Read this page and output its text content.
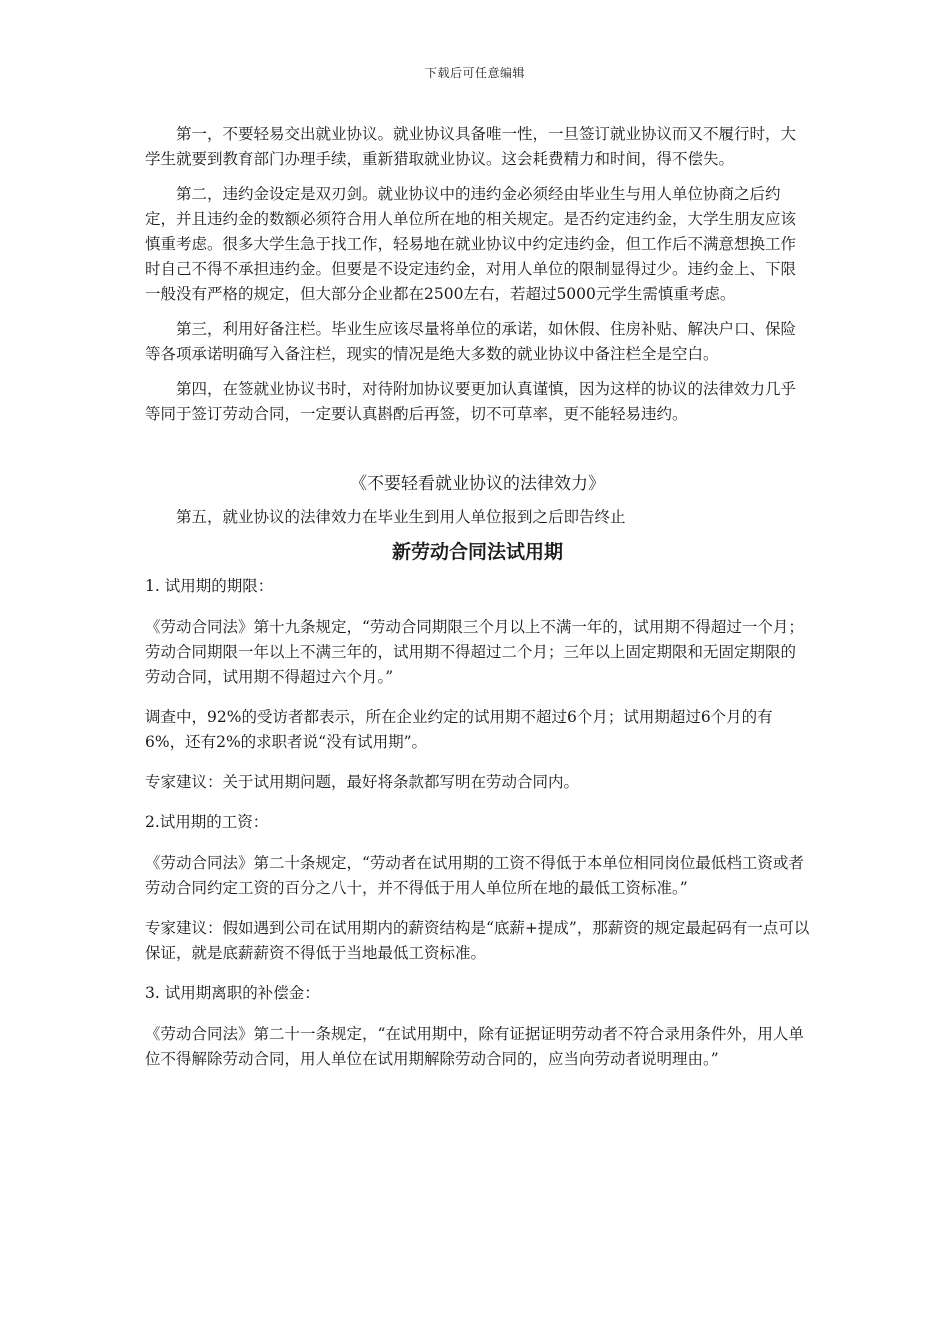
下载后可任意编辑

第一，不要轻易交出就业协议。就业协议具备唯一性，一旦签订就业协议而又不履行时，大学生就要到教育部门办理手续，重新猎取就业协议。这会耗费精力和时间，得不偿失。

第二，违约金设定是双刃剑。就业协议中的违约金必须经由毕业生与用人单位协商之后约定，并且违约金的数额必须符合用人单位所在地的相关规定。是否约定违约金，大学生朋友应该慎重考虑。很多大学生急于找工作，轻易地在就业协议中约定违约金，但工作后不满意想换工作时自己不得不承担违约金。但要是不设定违约金，对用人单位的限制显得过少。违约金上、下限一般没有严格的规定，但大部分企业都在2500左右，若超过5000元学生需慎重考虑。

第三，利用好备注栏。毕业生应该尽量将单位的承诺，如休假、住房补贴、解决户口、保险等各项承诺明确写入备注栏，现实的情况是绝大多数的就业协议中备注栏全是空白。

第四，在签就业协议书时，对待附加协议要更加认真谨慎，因为这样的协议的法律效力几乎等同于签订劳动合同，一定要认真斟酌后再签，切不可草率，更不能轻易违约。

《不要轻看就业协议的法律效力》

第五，就业协议的法律效力在毕业生到用人单位报到之后即告终止

新劳动合同法试用期
1. 试用期的期限：
《劳动合同法》第十九条规定，“劳动合同期限三个月以上不满一年的，试用期不得超过一个月；劳动合同期限一年以上不满三年的，试用期不得超过二个月；三年以上固定期限和无固定期限的劳动合同，试用期不得超过六个月。”
调查中，92%的受访者都表示，所在企业约定的试用期不超过6个月；试用期超过6个月的有6%，还有2%的求职者说“没有试用期”。
专家建议：关于试用期问题，最好将条款都写明在劳动合同内。
2.试用期的工资：
《劳动合同法》第二十条规定，“劳动者在试用期的工资不得低于本单位相同岗位最低档工资或者劳动合同约定工资的百分之八十，并不得低于用人单位所在地的最低工资标准。”
专家建议：假如遇到公司在试用期内的薪资结构是“底薪+提成”，那薪资的规定最起码有一点可以保证，就是底薪薪资不得低于当地最低工资标准。
3. 试用期离职的补偿金：
《劳动合同法》第二十一条规定，“在试用期中，除有证据证明劳动者不符合录用条件外，用人单位不得解除劳动合同，用人单位在试用期解除劳动合同的，应当向劳动者说明理由。”
